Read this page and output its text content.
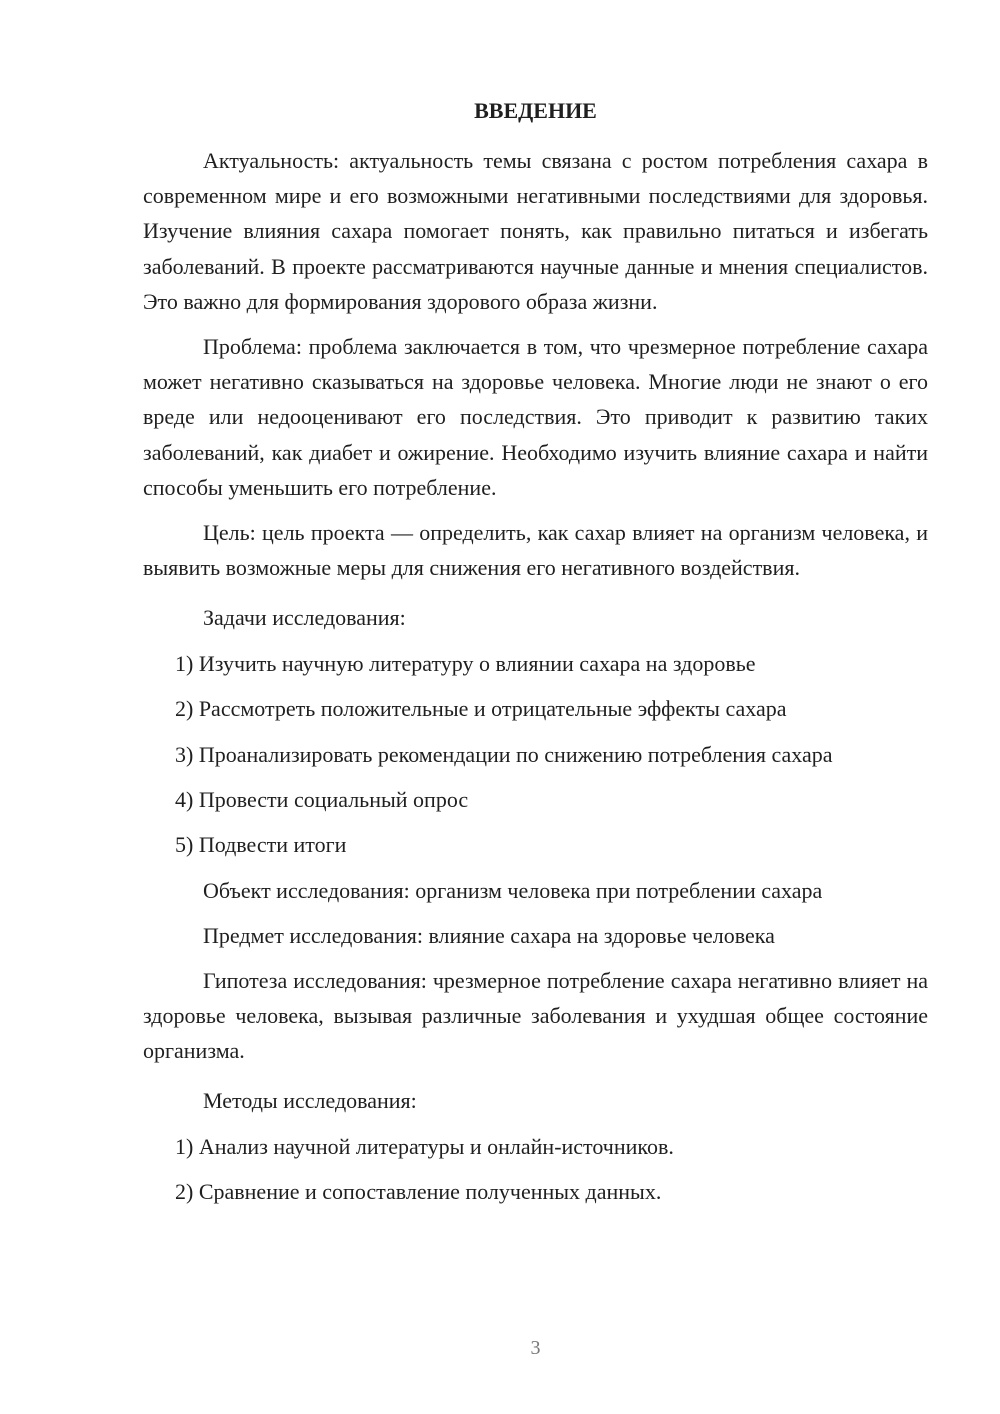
ВВЕДЕНИЕ

Актуальность: актуальность темы связана с ростом потребления сахара в современном мире и его возможными негативными последствиями для здоровья. Изучение влияния сахара помогает понять, как правильно питаться и избегать заболеваний. В проекте рассматриваются научные данные и мнения специалистов. Это важно для формирования здорового образа жизни.

Проблема: проблема заключается в том, что чрезмерное потребление сахара может негативно сказываться на здоровье человека. Многие люди не знают о его вреде или недооценивают его последствия. Это приводит к развитию таких заболеваний, как диабет и ожирение. Необходимо изучить влияние сахара и найти способы уменьшить его потребление.

Цель: цель проекта — определить, как сахар влияет на организм человека, и выявить возможные меры для снижения его негативного воздействия.

Задачи исследования:

1) Изучить научную литературу о влиянии сахара на здоровье

2) Рассмотреть положительные и отрицательные эффекты сахара

3) Проанализировать рекомендации по снижению потребления сахара

4) Провести социальный опрос

5) Подвести итоги

Объект исследования: организм человека при потреблении сахара

Предмет исследования: влияние сахара на здоровье человека

Гипотеза исследования: чрезмерное потребление сахара негативно влияет на здоровье человека, вызывая различные заболевания и ухудшая общее состояние организма.

Методы исследования:

1) Анализ научной литературы и онлайн-источников.

2) Сравнение и сопоставление полученных данных.

3
